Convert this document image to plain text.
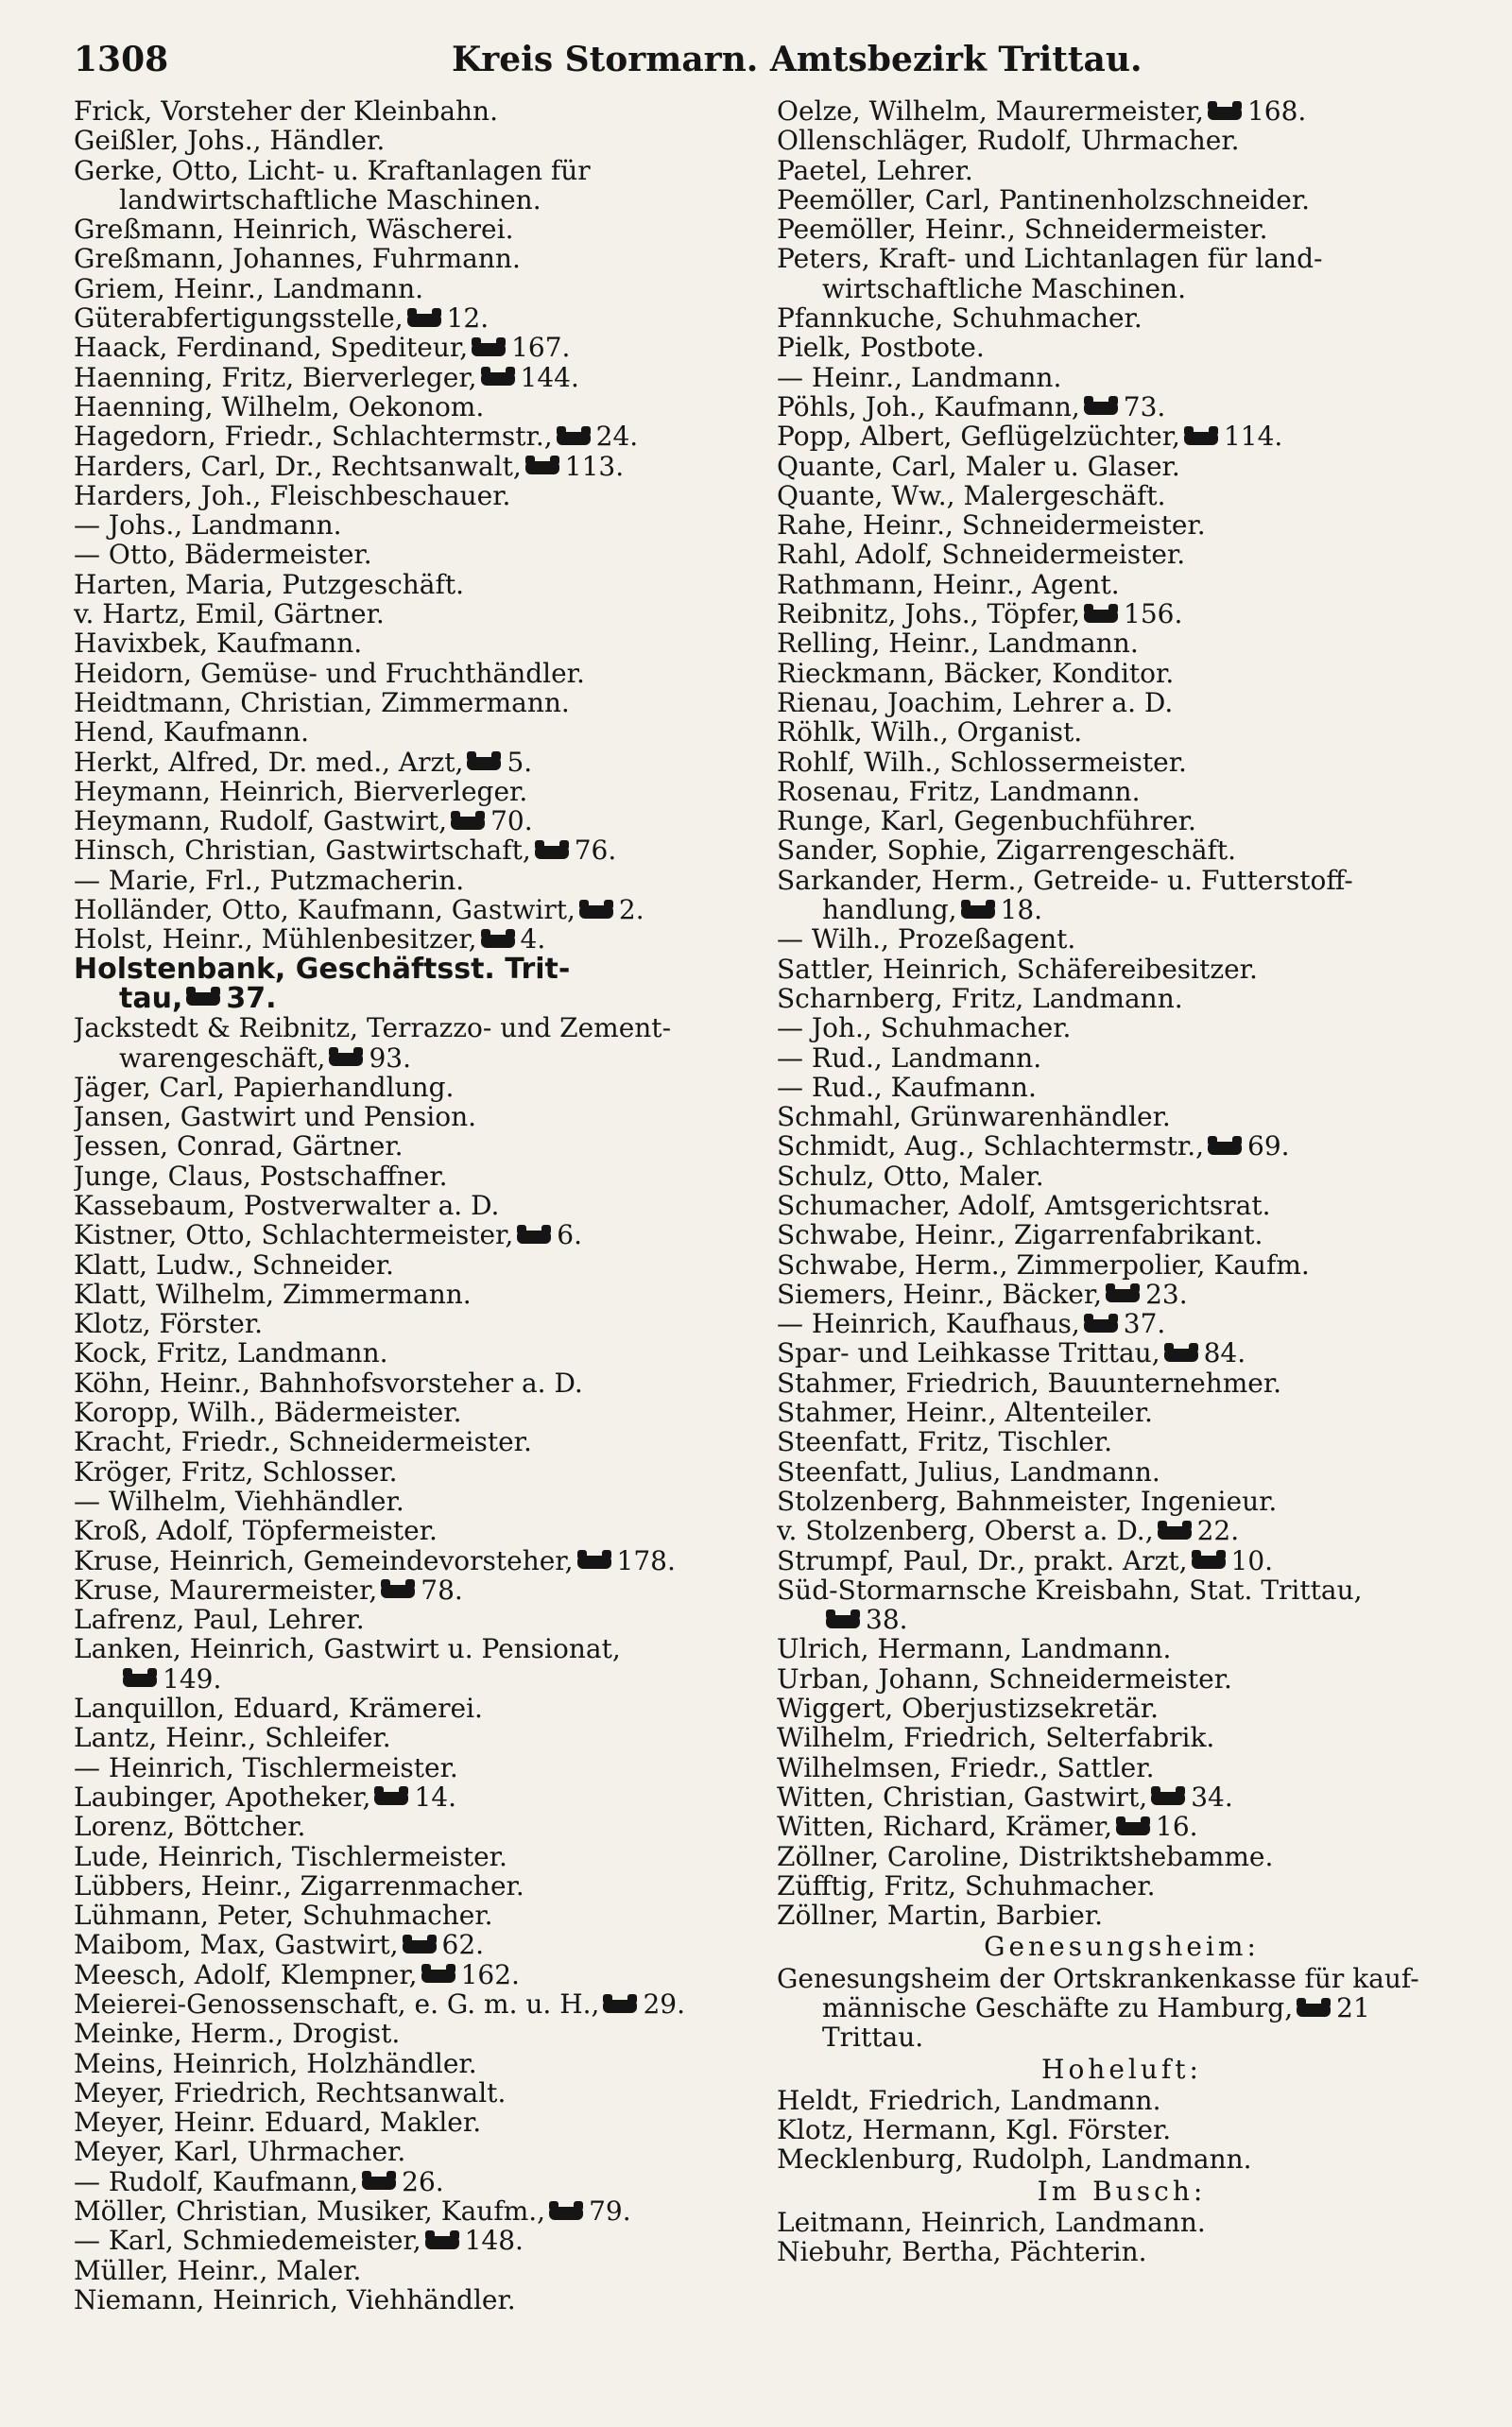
1308	Kreis Stormarn. Amtsbezirk Trittau.
Frick, Vorsteher der Kleinbahn.
Geißler, Johs., Händler.
Gerke, Otto, Licht- u. Kraftanlagen für
landwirtschaftliche Maschinen.
Greßmann, Heinrich, Wäscherei.
Greßmann, Johannes, Fuhrmann.
Griem, Heinr., Landmann.
Güterabfertigungsstelle, 12.
Haack, Ferdinand, Spediteur, 167.
Haenning, Fritz, Bierverleger, 144.
Haenning, Wilhelm, Oekonom.
Hagedorn, Friedr., Schlachtermstr., 24.
Harders, Carl, Dr., Rechtsanwalt, 113.
Harders, Joh., Fleischbeschauer.
— Johs., Landmann.
— Otto, Bädermeister.
Harten, Maria, Putzgeschäft.
v. Hartz, Emil, Gärtner.
Havixbek, Kaufmann.
Heidorn, Gemüse- und Fruchthändler.
Heidtmann, Christian, Zimmermann.
Hend, Kaufmann.
Herkt, Alfred, Dr. med., Arzt, 5.
Heymann, Heinrich, Bierverleger.
Heymann, Rudolf, Gastwirt, 70.
Hinsch, Christian, Gastwirtschaft, 76.
— Marie, Frl., Putzmacherin.
Holländer, Otto, Kaufmann, Gastwirt, 2.
Holst, Heinr., Mühlenbesitzer, 4.
Holstenbank, Geschäftsst. Trit-
tau, 37.
Jackstedt & Reibnitz, Terrazzo- und Zement-
warengeschäft, 93.
Jäger, Carl, Papierhandlung.
Jansen, Gastwirt und Pension.
Jessen, Conrad, Gärtner.
Junge, Claus, Postschaffner.
Kassebaum, Postverwalter a. D.
Kistner, Otto, Schlachtermeister, 6.
Klatt, Ludw., Schneider.
Klatt, Wilhelm, Zimmermann.
Klotz, Förster.
Kock, Fritz, Landmann.
Köhn, Heinr., Bahnhofsvorsteher a. D.
Koropp, Wilh., Bädermeister.
Kracht, Friedr., Schneidermeister.
Kröger, Fritz, Schlosser.
— Wilhelm, Viehhändler.
Kroß, Adolf, Töpfermeister.
Kruse, Heinrich, Gemeindevorsteher, 178.
Kruse, Maurermeister, 78.
Lafrenz, Paul, Lehrer.
Lanken, Heinrich, Gastwirt u. Pensionat,
149.
Lanquillon, Eduard, Krämerei.
Lantz, Heinr., Schleifer.
— Heinrich, Tischlermeister.
Laubinger, Apotheker, 14.
Lorenz, Böttcher.
Lude, Heinrich, Tischlermeister.
Lübbers, Heinr., Zigarrenmacher.
Lühmann, Peter, Schuhmacher.
Maibom, Max, Gastwirt, 62.
Meesch, Adolf, Klempner, 162.
Meierei-Genossenschaft, e. G. m. u. H., 29.
Meinke, Herm., Drogist.
Meins, Heinrich, Holzhändler.
Meyer, Friedrich, Rechtsanwalt.
Meyer, Heinr. Eduard, Makler.
Meyer, Karl, Uhrmacher.
— Rudolf, Kaufmann, 26.
Möller, Christian, Musiker, Kaufm., 79.
— Karl, Schmiedemeister, 148.
Müller, Heinr., Maler.
Niemann, Heinrich, Viehhändler.
Oelze, Wilhelm, Maurermeister, 168.
Ollenschläger, Rudolf, Uhrmacher.
Paetel, Lehrer.
Peemöller, Carl, Pantinenholzschneider.
Peemöller, Heinr., Schneidermeister.
Peters, Kraft- und Lichtanlagen für land-
wirtschaftliche Maschinen.
Pfannkuche, Schuhmacher.
Pielk, Postbote.
— Heinr., Landmann.
Pöhls, Joh., Kaufmann, 73.
Popp, Albert, Geflügelzüchter, 114.
Quante, Carl, Maler u. Glaser.
Quante, Ww., Malergeschäft.
Rahe, Heinr., Schneidermeister.
Rahl, Adolf, Schneidermeister.
Rathmann, Heinr., Agent.
Reibnitz, Johs., Töpfer, 156.
Relling, Heinr., Landmann.
Rieckmann, Bäcker, Konditor.
Rienau, Joachim, Lehrer a. D.
Röhlk, Wilh., Organist.
Rohlf, Wilh., Schlossermeister.
Rosenau, Fritz, Landmann.
Runge, Karl, Gegenbuchführer.
Sander, Sophie, Zigarrengeschäft.
Sarkander, Herm., Getreide- u. Futterstoff-
handlung, 18.
— Wilh., Prozeßagent.
Sattler, Heinrich, Schäfereibesitzer.
Scharnberg, Fritz, Landmann.
— Joh., Schuhmacher.
— Rud., Landmann.
— Rud., Kaufmann.
Schmahl, Grünwarenhändler.
Schmidt, Aug., Schlachtermstr., 69.
Schulz, Otto, Maler.
Schumacher, Adolf, Amtsgerichtsrat.
Schwabe, Heinr., Zigarrenfabrikant.
Schwabe, Herm., Zimmerpolier, Kaufm.
Siemers, Heinr., Bäcker, 23.
— Heinrich, Kaufhaus, 37.
Spar- und Leihkasse Trittau, 84.
Stahmer, Friedrich, Bauunternehmer.
Stahmer, Heinr., Altenteiler.
Steenfatt, Fritz, Tischler.
Steenfatt, Julius, Landmann.
Stolzenberg, Bahnmeister, Ingenieur.
v. Stolzenberg, Oberst a. D., 22.
Strumpf, Paul, Dr., prakt. Arzt, 10.
Süd-Stormarnsche Kreisbahn, Stat. Trittau,
38.
Ulrich, Hermann, Landmann.
Urban, Johann, Schneidermeister.
Wiggert, Oberjustizsekretär.
Wilhelm, Friedrich, Selterfabrik.
Wilhelmsen, Friedr., Sattler.
Witten, Christian, Gastwirt, 34.
Witten, Richard, Krämer, 16.
Zöllner, Caroline, Distriktshebamme.
Züfftig, Fritz, Schuhmacher.
Zöllner, Martin, Barbier.
Genesungsheim:
Genesungsheim der Ortskrankenkasse für kauf-
männische Geschäfte zu Hamburg, 21
Trittau.
Hoheluft:
Heldt, Friedrich, Landmann.
Klotz, Hermann, Kgl. Förster.
Mecklenburg, Rudolph, Landmann.
Im Busch:
Leitmann, Heinrich, Landmann.
Niebuhr, Bertha, Pächterin.
